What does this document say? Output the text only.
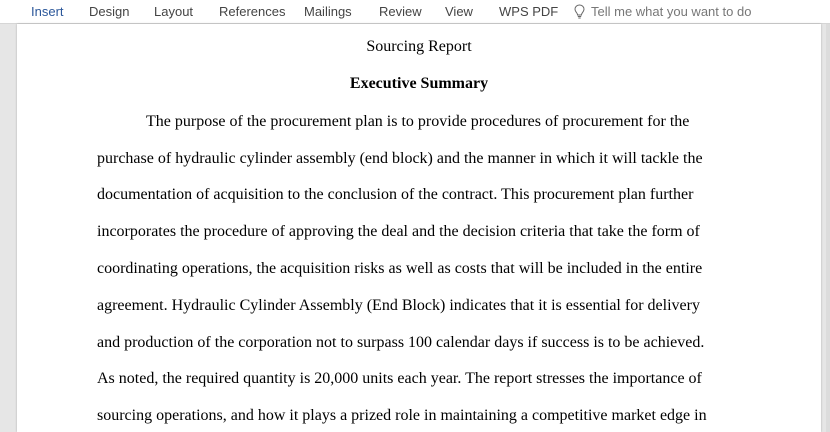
Insert Design Layout References Mailings Review View WPS PDF	Tell me what you want to do
Sourcing Report
Executive Summary
The purpose of the procurement plan is to provide procedures of procurement for the
purchase of hydraulic cylinder assembly (end block) and the manner in which it will tackle the
documentation of acquisition to the conclusion of the contract. This procurement plan further
incorporates the procedure of approving the deal and the decision criteria that take the form of
coordinating operations, the acquisition risks as well as costs that will be included in the entire
agreement. Hydraulic Cylinder Assembly (End Block) indicates that it is essential for delivery
and production of the corporation not to surpass 100 calendar days if success is to be achieved.
As noted, the required quantity is 20,000 units each year. The report stresses the importance of
sourcing operations, and how it plays a prized role in maintaining a competitive market edge in
